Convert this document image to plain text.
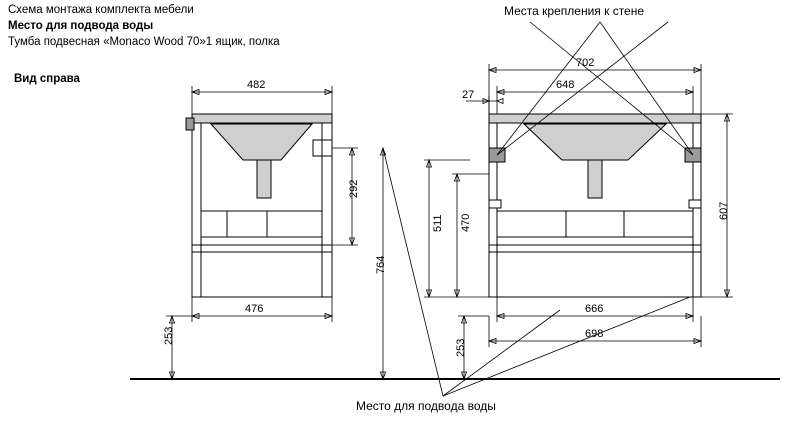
Схема монтажа комплекта мебели
Место для подвода воды
Тумба подвесная «Monaco Wood 70»1 ящик, полка
Вид справа
Места крепления к стене
Место для подвода воды
482
292
476
253
764
702
648
27
511 470
607
666
698
253
